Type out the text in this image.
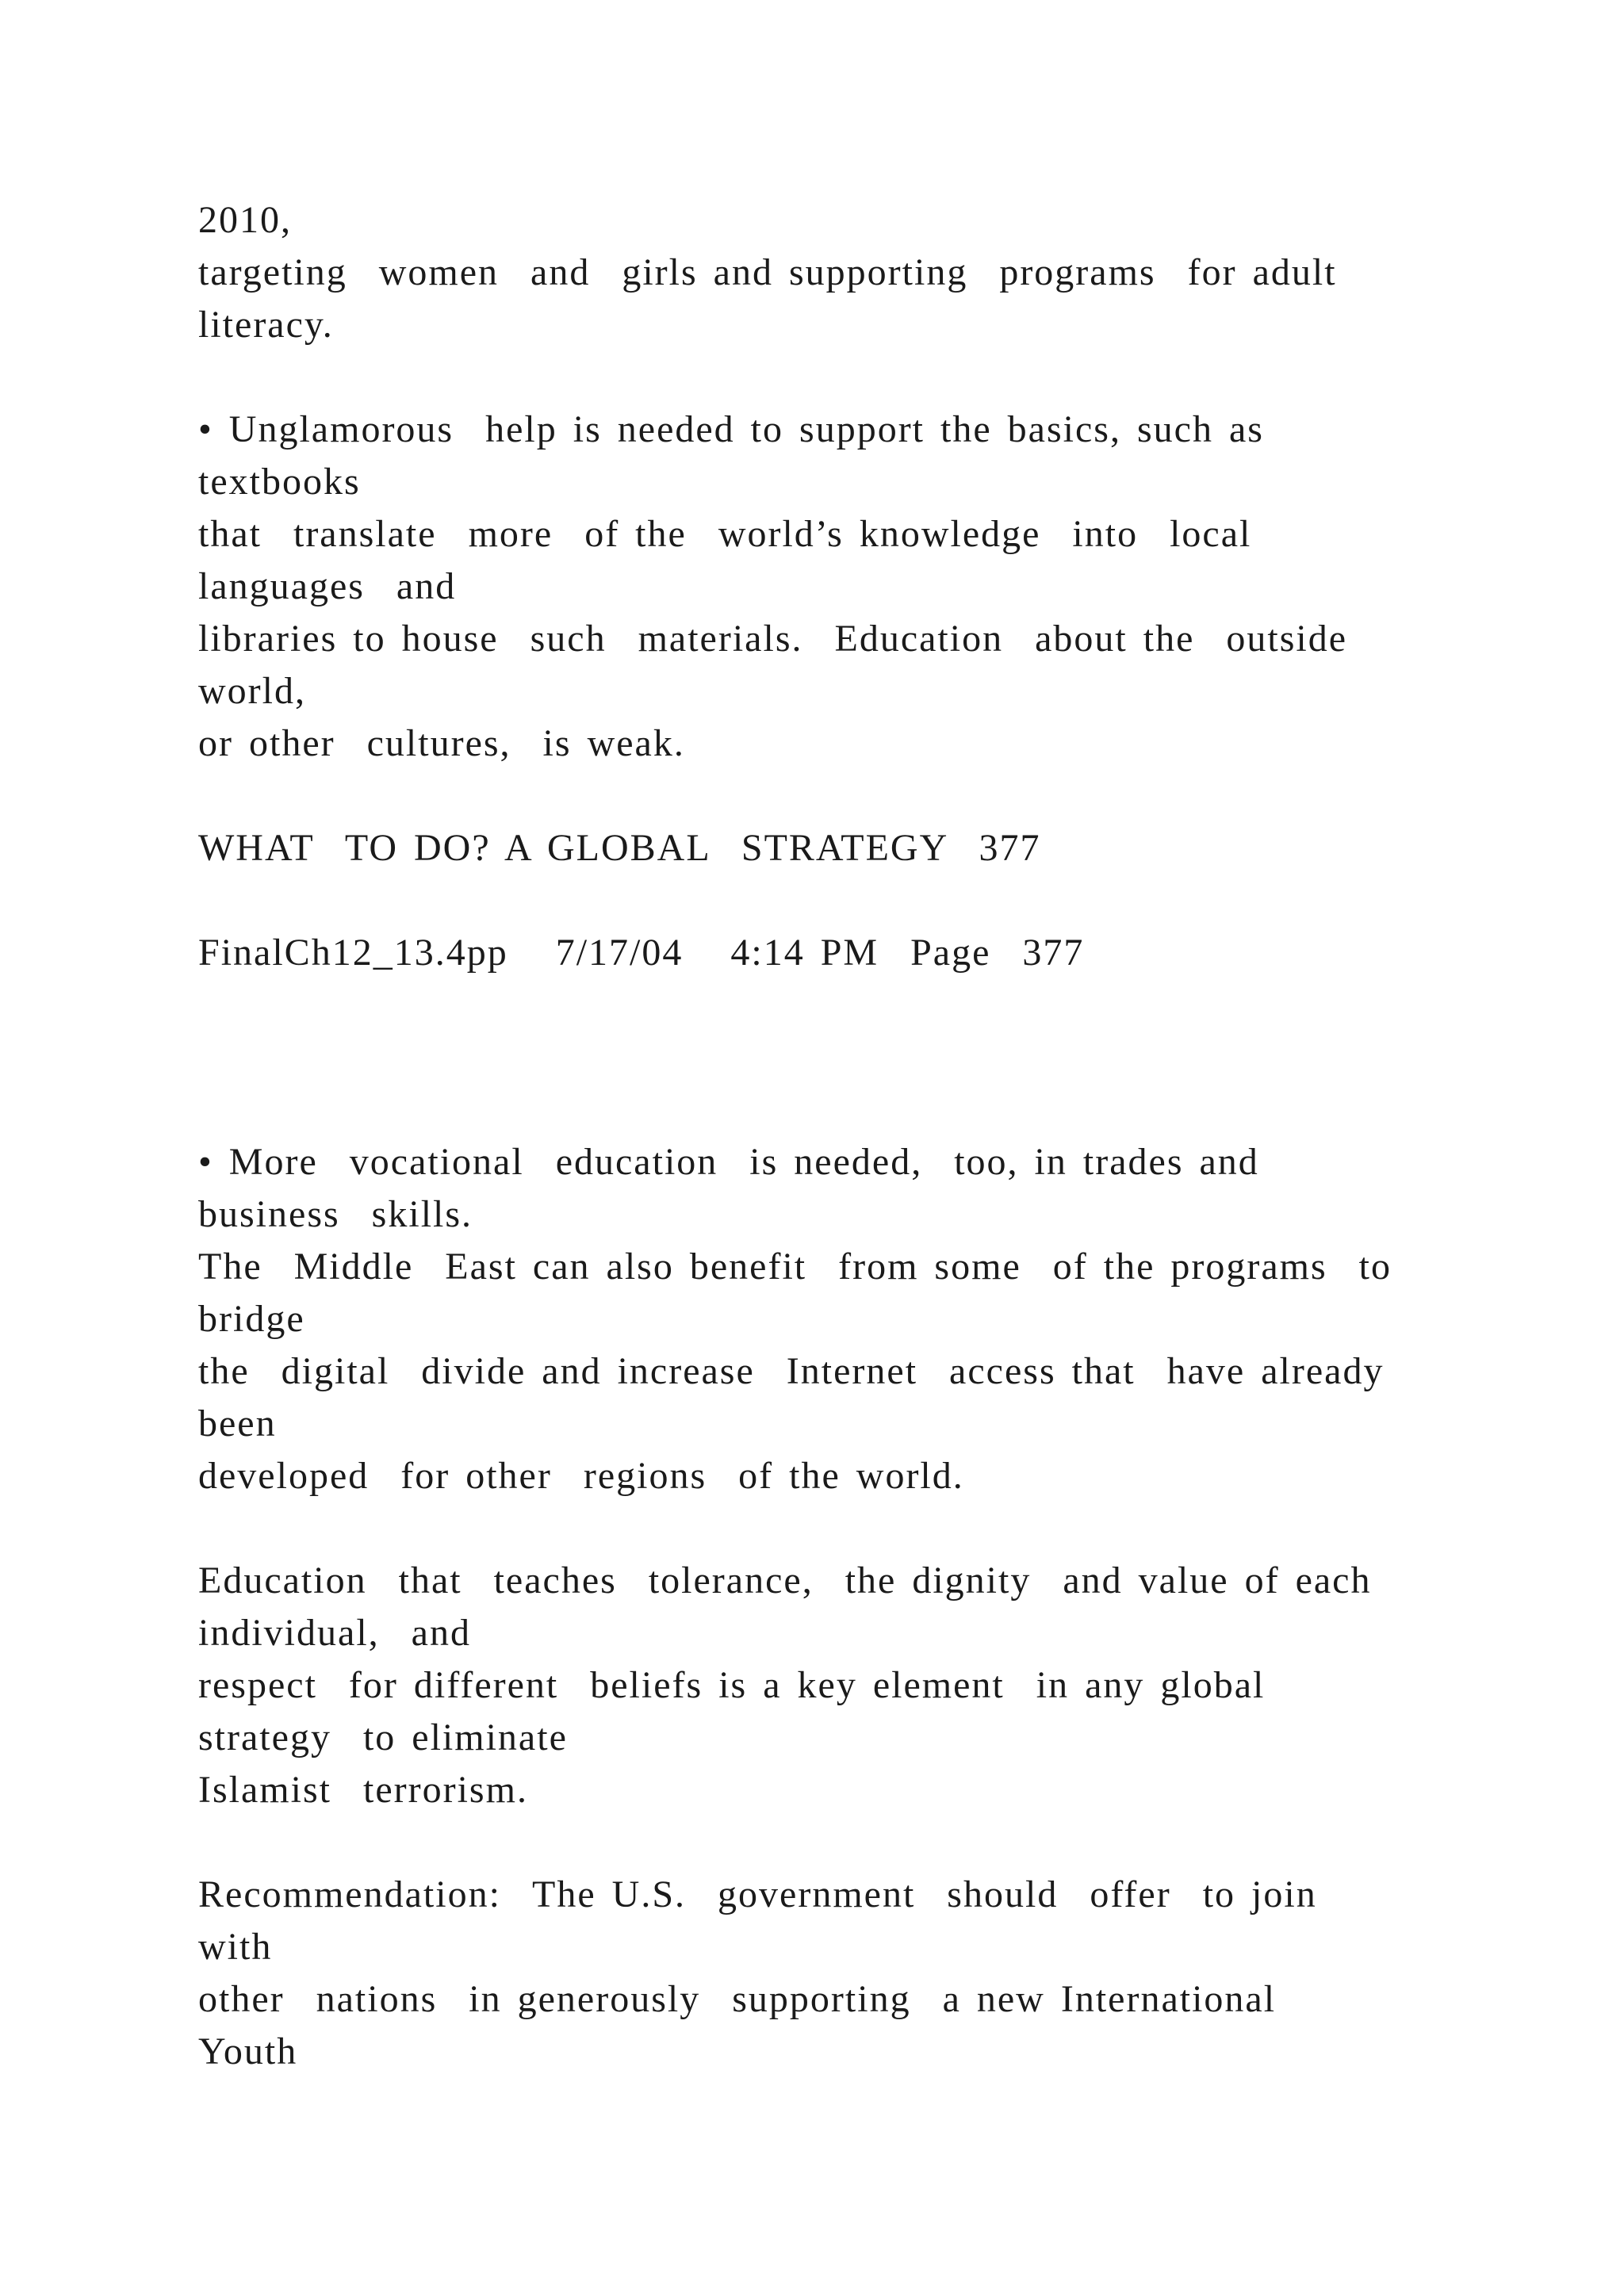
2010,

targeting  women  and  girls and supporting  programs  for adult

literacy.

• Unglamorous  help is needed to support the basics, such as

textbooks

that  translate  more  of the  world’s knowledge  into  local

languages  and

libraries to house  such  materials.  Education  about the  outside

world,

or other  cultures,  is weak.

WHAT  TO DO? A GLOBAL  STRATEGY  377

FinalCh12_13.4pp   7/17/04   4:14 PM  Page  377

• More  vocational  education  is needed,  too, in trades and

business  skills.

The  Middle  East can also benefit  from some  of the programs  to

bridge

the  digital  divide and increase  Internet  access that  have already

been

developed  for other  regions  of the world.

Education  that  teaches  tolerance,  the dignity  and value of each

individual,  and

respect  for different  beliefs is a key element  in any global

strategy  to eliminate

Islamist  terrorism.

Recommendation:  The U.S.  government  should  offer  to join

with

other  nations  in generously  supporting  a new International

Youth
